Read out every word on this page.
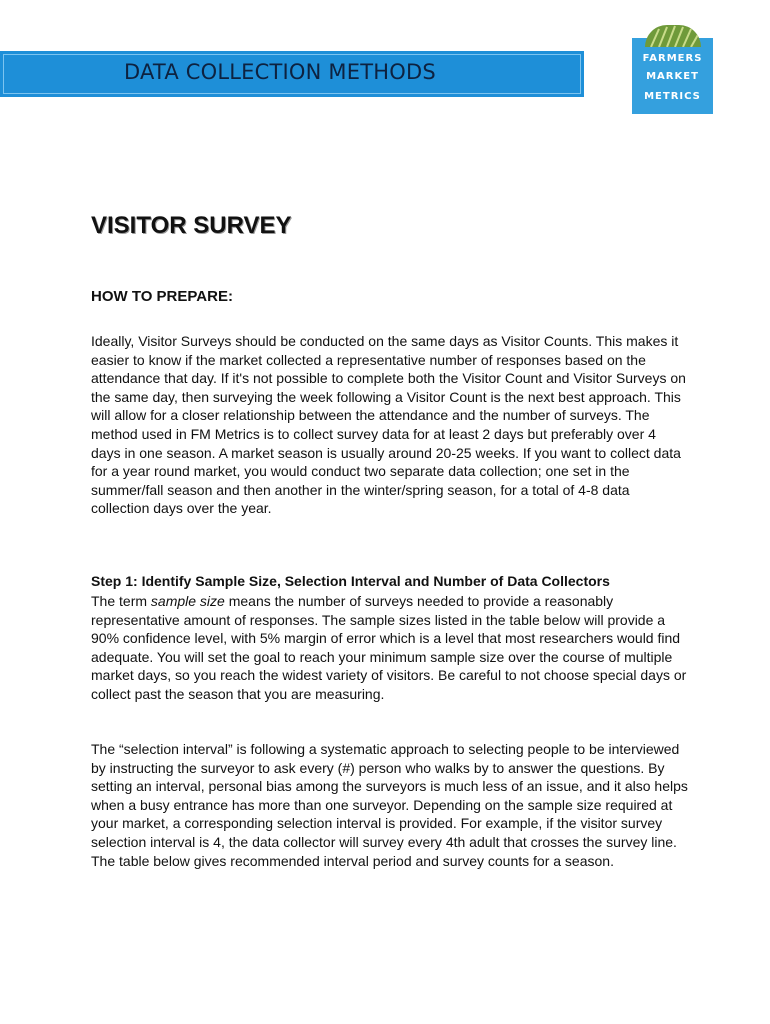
DATA COLLECTION METHODS
FARMERS
MARKET
METRICS
VISITOR SURVEY
HOW TO PREPARE:

Ideally, Visitor Surveys should be conducted on the same days as Visitor Counts. This makes it easier to know if the market collected a representative number of responses based on the attendance that day. If it's not possible to complete both the Visitor Count and Visitor Surveys on the same day, then surveying the week following a Visitor Count is the next best approach. This will allow for a closer relationship between the attendance and the number of surveys. The method used in FM Metrics is to collect survey data for at least 2 days but preferably over 4 days in one season. A market season is usually around 20-25 weeks. If you want to collect data for a year round market, you would conduct two separate data collection; one set in the summer/fall season and then another in the winter/spring season, for a total of 4-8 data collection days over the year.

Step 1: Identify Sample Size, Selection Interval and Number of Data Collectors

The term sample size means the number of surveys needed to provide a reasonably representative amount of responses. The sample sizes listed in the table below will provide a 90% confidence level, with 5% margin of error which is a level that most researchers would find adequate. You will set the goal to reach your minimum sample size over the course of multiple market days, so you reach the widest variety of visitors. Be careful to not choose special days or collect past the season that you are measuring.

The “selection interval” is following a systematic approach to selecting people to be interviewed by instructing the surveyor to ask every (#) person who walks by to answer the questions. By setting an interval, personal bias among the surveyors is much less of an issue, and it also helps when a busy entrance has more than one surveyor. Depending on the sample size required at your market, a corresponding selection interval is provided. For example, if the visitor survey selection interval is 4, the data collector will survey every 4th adult that crosses the survey line. The table below gives recommended interval period and survey counts for a season.
